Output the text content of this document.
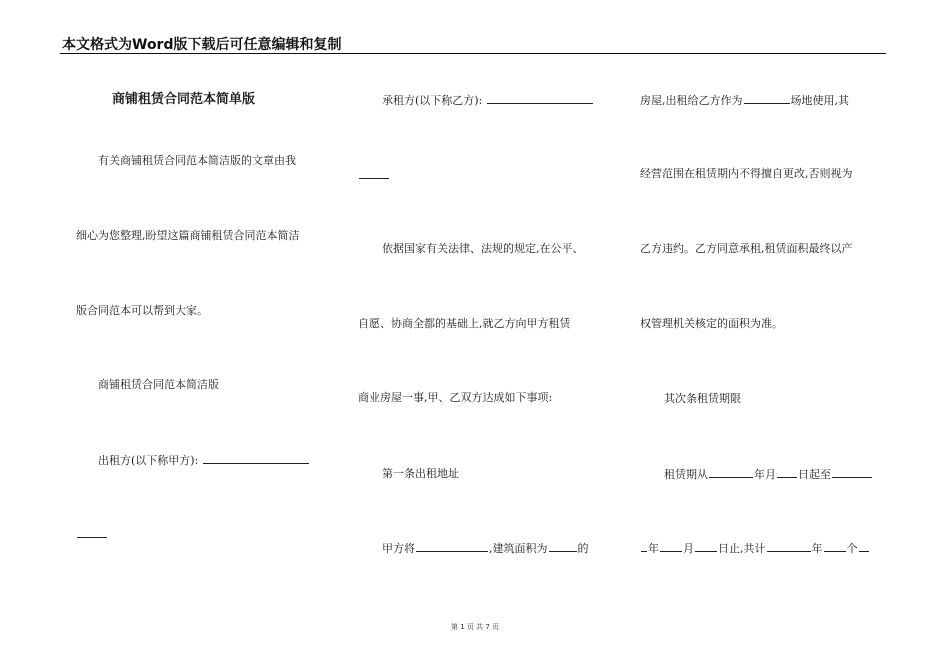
本文格式为Word版下载后可任意编辑和复制
商铺租赁合同范本简单版
有关商铺租赁合同范本简洁版的文章由我
细心为您整理,盼望这篇商铺租赁合同范本简洁
版合同范本可以帮到大家。
商铺租赁合同范本简洁版
出租方(以下称甲方):
承租方(以下称乙方):
依据国家有关法律、法规的规定,在公平、
自愿、协商全都的基础上,就乙方向甲方租赁
商业房屋一事,甲、乙双方达成如下事项:
第一条出租地址
甲方将	,建筑面积为	的
房屋,出租给乙方作为	场地使用,其
经营范围在租赁期内不得擅自更改,否则视为
乙方违约。乙方同意承租,租赁面积最终以产
权管理机关核定的面积为准。
其次条租赁期限
租赁期从	年月 日起至
年 月 日止,共计	年 个
第 1 页 共 7 页
